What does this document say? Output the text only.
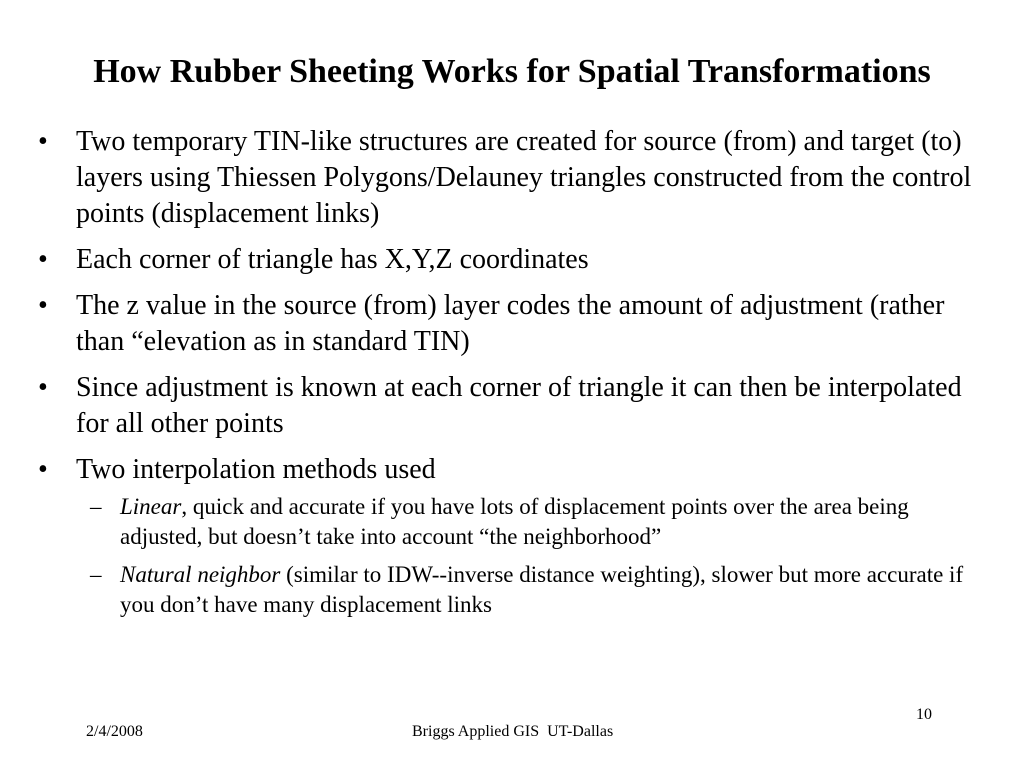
How Rubber Sheeting Works for Spatial Transformations
• Two temporary TIN-like structures are created for source (from) and target (to) layers using Thiessen Polygons/Delauney triangles constructed from the control points (displacement links)
• Each corner of triangle has X,Y,Z coordinates
• The z value in the source (from) layer codes the amount of adjustment (rather than “elevation as in standard TIN)
• Since adjustment is known at each corner of triangle it can then be interpolated for all other points
• Two interpolation methods used
– Linear, quick and accurate if you have lots of displacement points over the area being adjusted, but doesn’t take into account “the neighborhood”
– Natural neighbor (similar to IDW--inverse distance weighting), slower but more accurate if you don’t have many displacement links
10
2/4/2008	Briggs Applied GIS  UT-Dallas
